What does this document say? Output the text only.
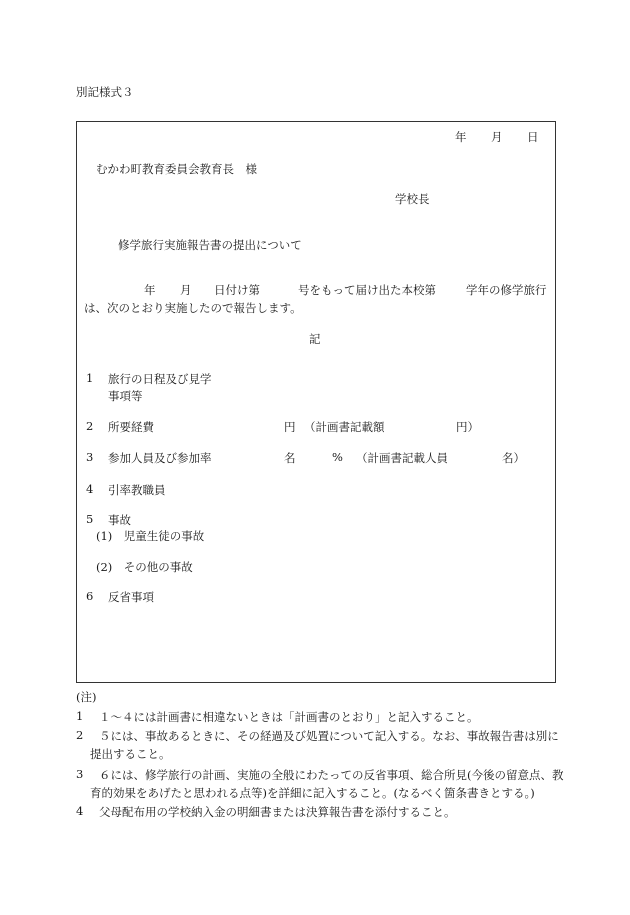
別記様式３
年 月 日
むかわ町教育委員会教育長　様
学校長
修学旅行実施報告書の提出について
年 月 日付け第	号をもって届け出た本校第	学年の修学旅行
は、次のとおり実施したので報告します。
記
1 旅行の日程及び見学
事項等
2 所要経費	円 （計画書記載額	円）
3 参加人員及び参加率	名	% （計画書記載人員	名）
4 引率教職員
5 事故
(1)　児童生徒の事故
(2)　その他の事故
6 反省事項
(注)
1 １～４には計画書に相違ないときは「計画書のとおり」と記入すること。
2 ５には、事故あるときに、その経過及び処置について記入する。なお、事故報告書は別に
提出すること。
3 ６には、修学旅行の計画、実施の全般にわたっての反省事項、総合所見(今後の留意点、教
育的効果をあげたと思われる点等)を詳細に記入すること。(なるべく箇条書きとする。)
4 父母配布用の学校納入金の明細書または決算報告書を添付すること。
